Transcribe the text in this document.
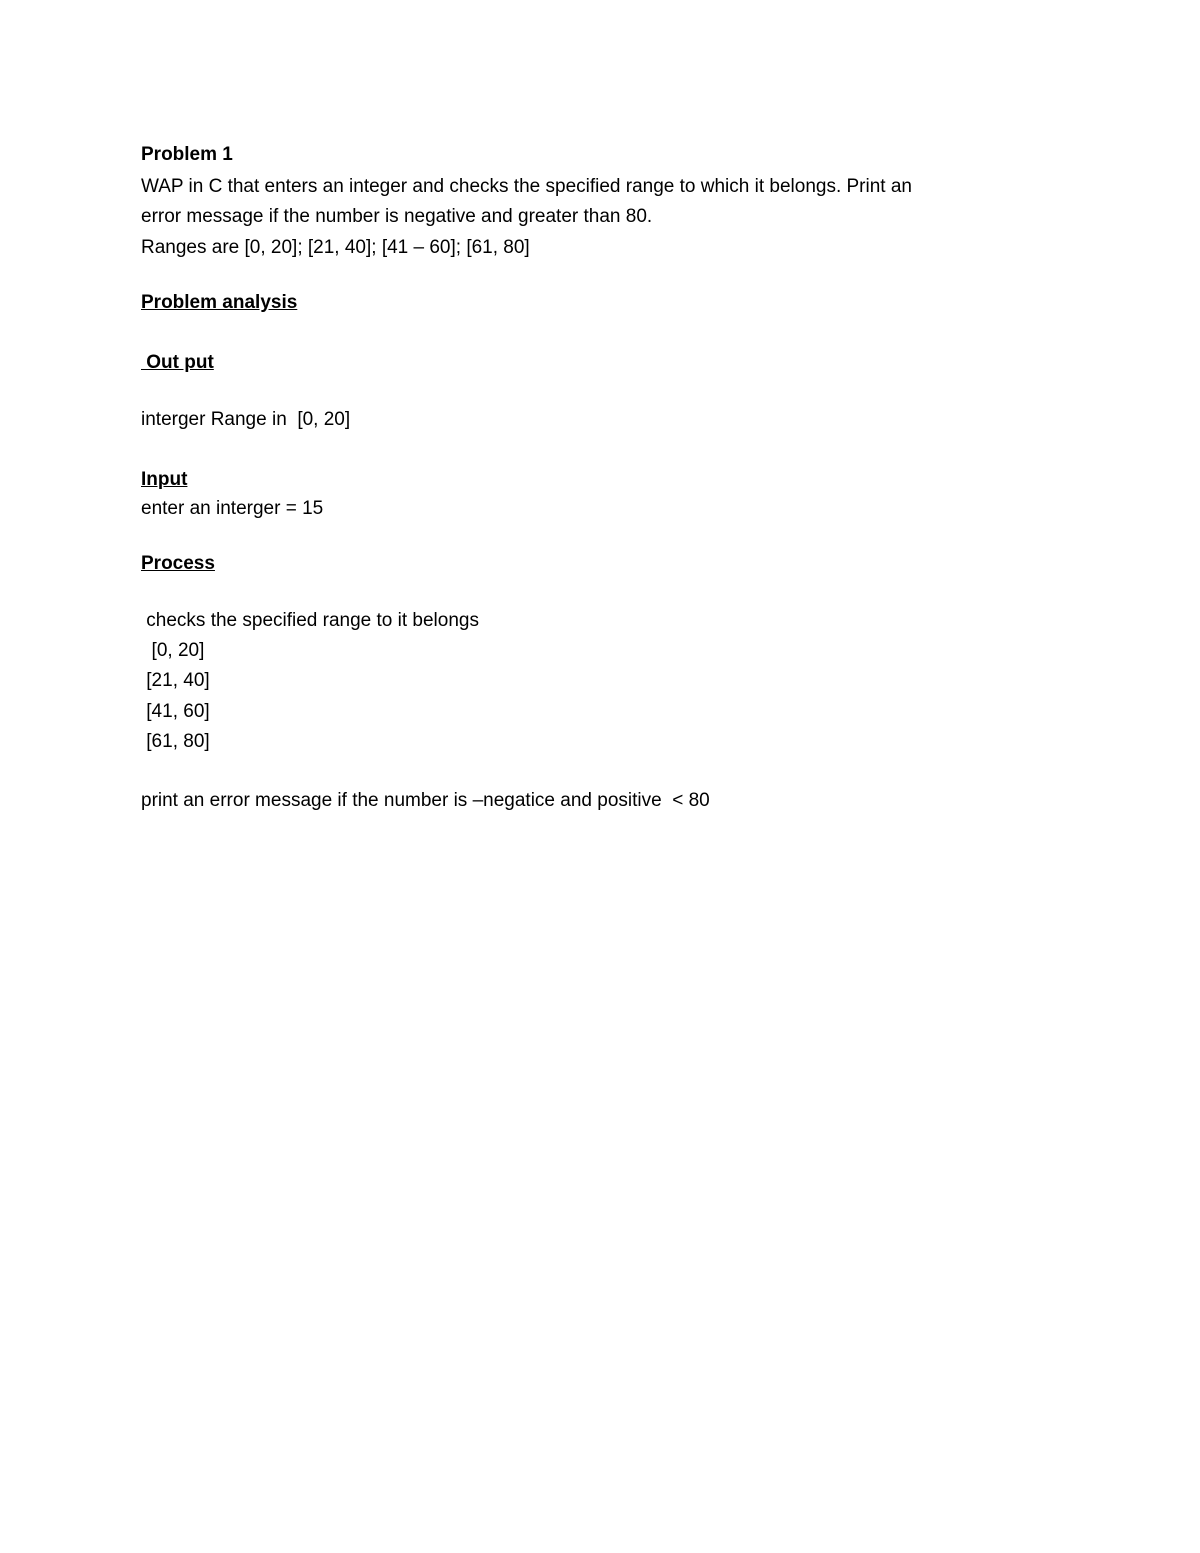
Problem 1
WAP in C that enters an integer and checks the specified range to which it belongs. Print an
error message if the number is negative and greater than 80.
Ranges are [0, 20]; [21, 40]; [41 – 60]; [61, 80]
Problem analysis
Out put
interger Range in  [0, 20]
Input
enter an interger = 15
Process
checks the specified range to it belongs
[0, 20]
[21, 40]
[41, 60]
[61, 80]
print an error message if the number is –negatice and positive  < 80
